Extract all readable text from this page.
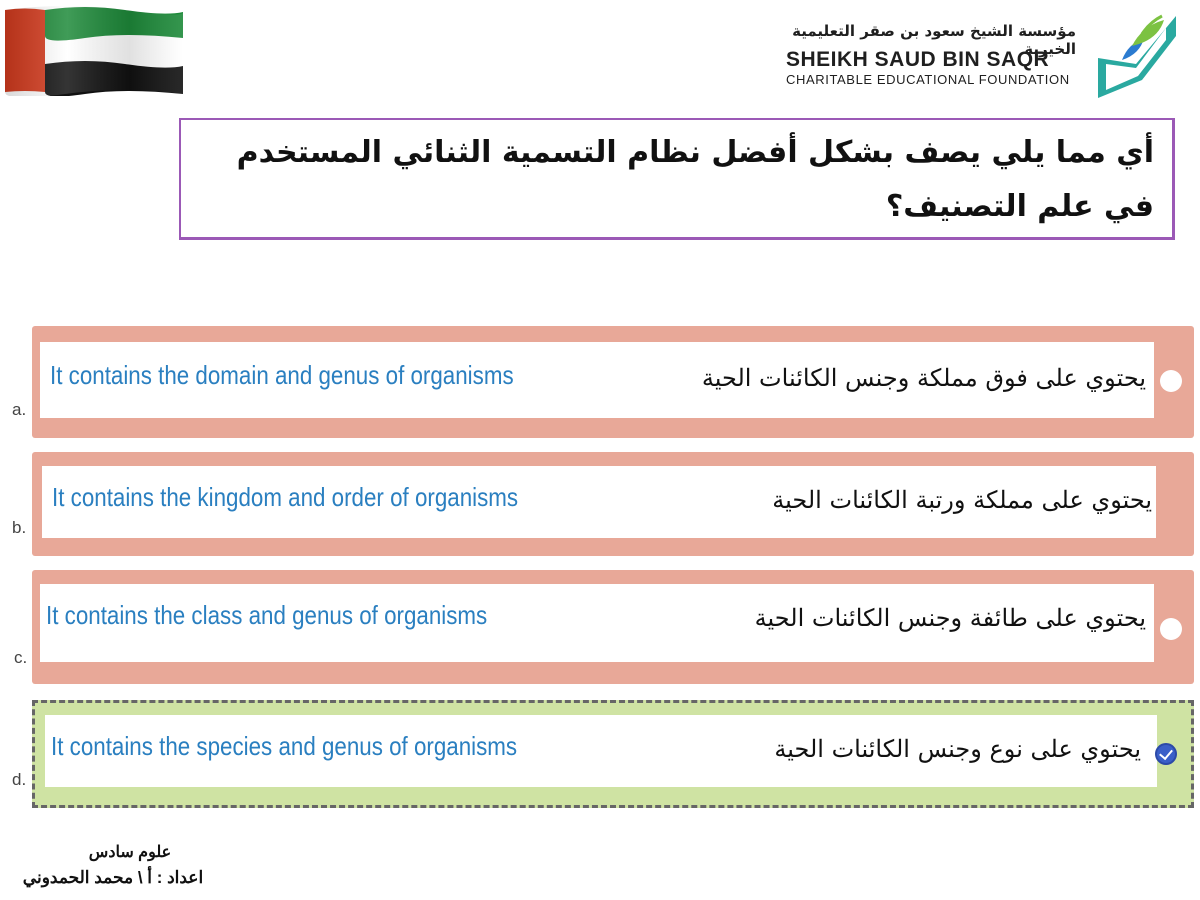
مؤسسة الشيخ سعود بن صقر التعليمية الخيرية
SHEIKH SAUD BIN SAQR
CHARITABLE EDUCATIONAL FOUNDATION
أي مما يلي يصف بشكل أفضل نظام التسمية الثنائي المستخدم في علم التصنيف؟
It contains the domain and genus of organisms	يحتوي على فوق مملكة وجنس الكائنات الحية
a.
It contains the kingdom and order of organisms	يحتوي على مملكة ورتبة الكائنات الحية
b.
It contains the class and genus of organisms	يحتوي على طائفة وجنس الكائنات الحية
c.
It contains the species and genus of organisms	يحتوي على نوع وجنس الكائنات الحية
d.
علوم سادس
اعداد : أ \ محمد الحمدوني
